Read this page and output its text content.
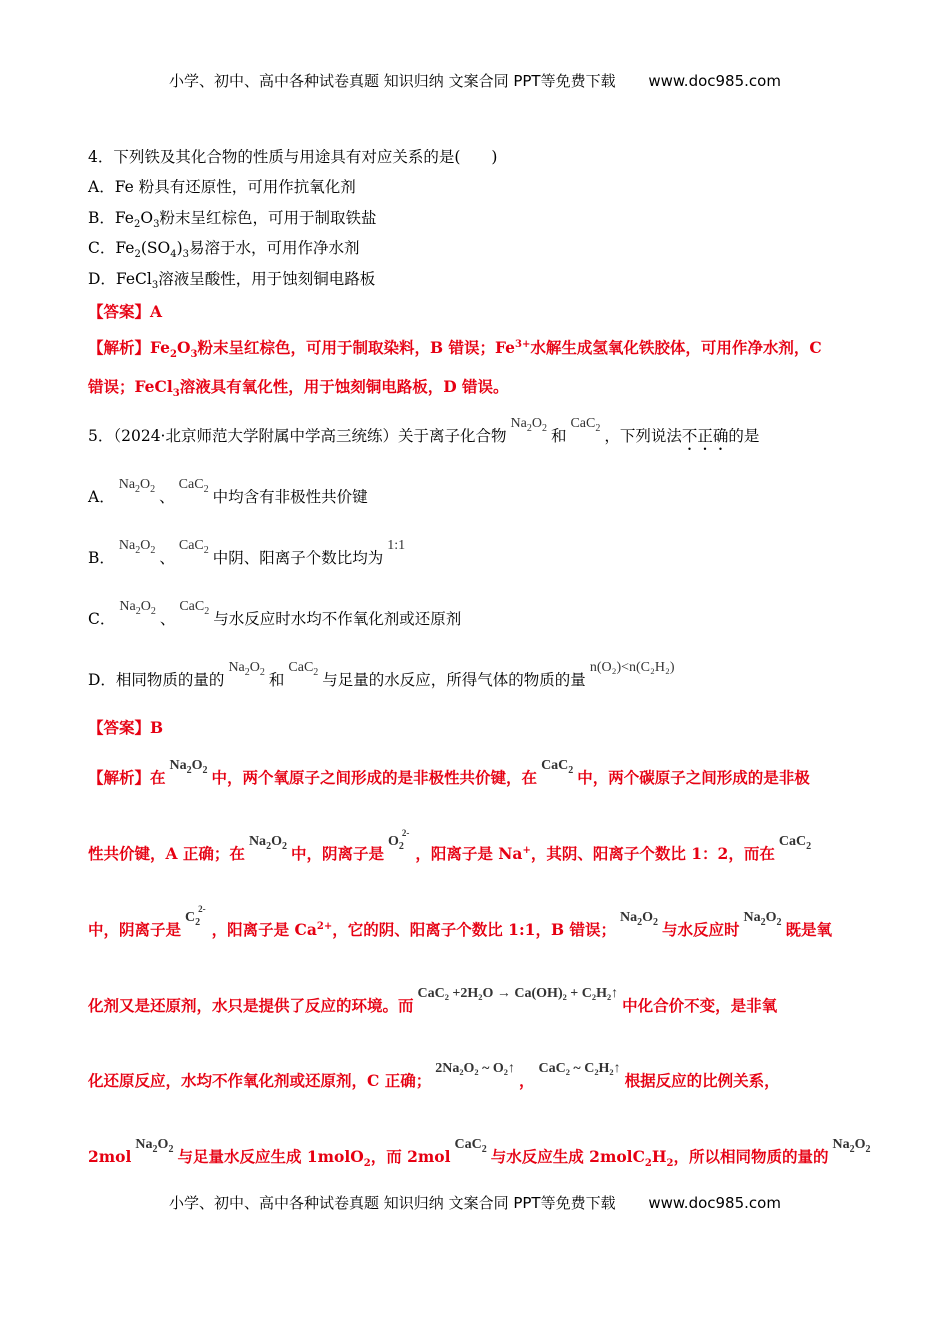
小学、初中、高中各种试卷真题 知识归纳 文案合同 PPT等免费下载 www.doc985.com
4．下列铁及其化合物的性质与用途具有对应关系的是(　　)
A．Fe 粉具有还原性，可用作抗氧化剂
B．$Fe_2O_3$粉末呈红棕色，可用于制取铁盐
C．$Fe_2(SO_4)_3$易溶于水，可用作净水剂
D．FeCl$_3$溶液呈酸性，用于蚀刻铜电路板
【答案】A
【解析】$Fe_2O_3$粉末呈红棕色，可用于制取染料，B 错误；$Fe^{3+}$水解生成氢氧化铁胶体，可用作净水剂，C
错误；FeCl$_3$溶液具有氧化性，用于蚀刻铜电路板，D 错误。
5．（2024·北京师范大学附属中学高三统练）关于离子化合物$Na_2O_2$ 和CaC$_2$ ，下列说法不正确的是
A．$Na_2O_2$ 、CaC$_2$ 中均含有非极性共价键
B．$Na_2O_2$ 、CaC$_2$ 中阴、阳离子个数比均为1:1
C．$Na_2O_2$ 、CaC$_2$ 与水反应时水均不作氧化剂或还原剂
D．相同物质的量的$Na_2O_2$ 和CaC$_2$ 与足量的水反应，所得气体的物质的量n(O₂)<n(C₂H₂)
【答案】B
【解析】在$Na_2O_2$ 中，两个氧原子之间形成的是非极性共价键，在CaC$_2$ 中，两个碳原子之间形成的是非极
性共价键，A 正确；在$Na_2O_2$ 中，阴离子是$O_2^{2-}$，阳离子是 Na+，其阴、阳离子个数比 1：2，而在CaC$_2$
中，阴离子是$C_2^{2-}$，阳离子是 $Ca^{2+}$，它的阴、阳离子个数比 1:1，B 错误；$Na_2O_2$ 与水反应时$Na_2O_2$ 既是氧
化剂又是还原剂，水只是提供了反应的环境。而CaC₂ +2H₂O → Ca(OH)₂ + C₂H₂↑中化合价不变，是非氧
化还原反应，水均不作氧化剂或还原剂，C 正确；2Na₂O₂ ~ O₂↑，CaC₂ ~ C₂H₂↑根据反应的比例关系，
$2molNa_2O_2$ 与足量水反应生成 1molO$_2$，而 2molCaC$_2$ 与水反应生成 $2molC_2H_2$，所以相同物质的量的$Na_2O_2$
小学、初中、高中各种试卷真题 知识归纳 文案合同 PPT等免费下载 www.doc985.com
